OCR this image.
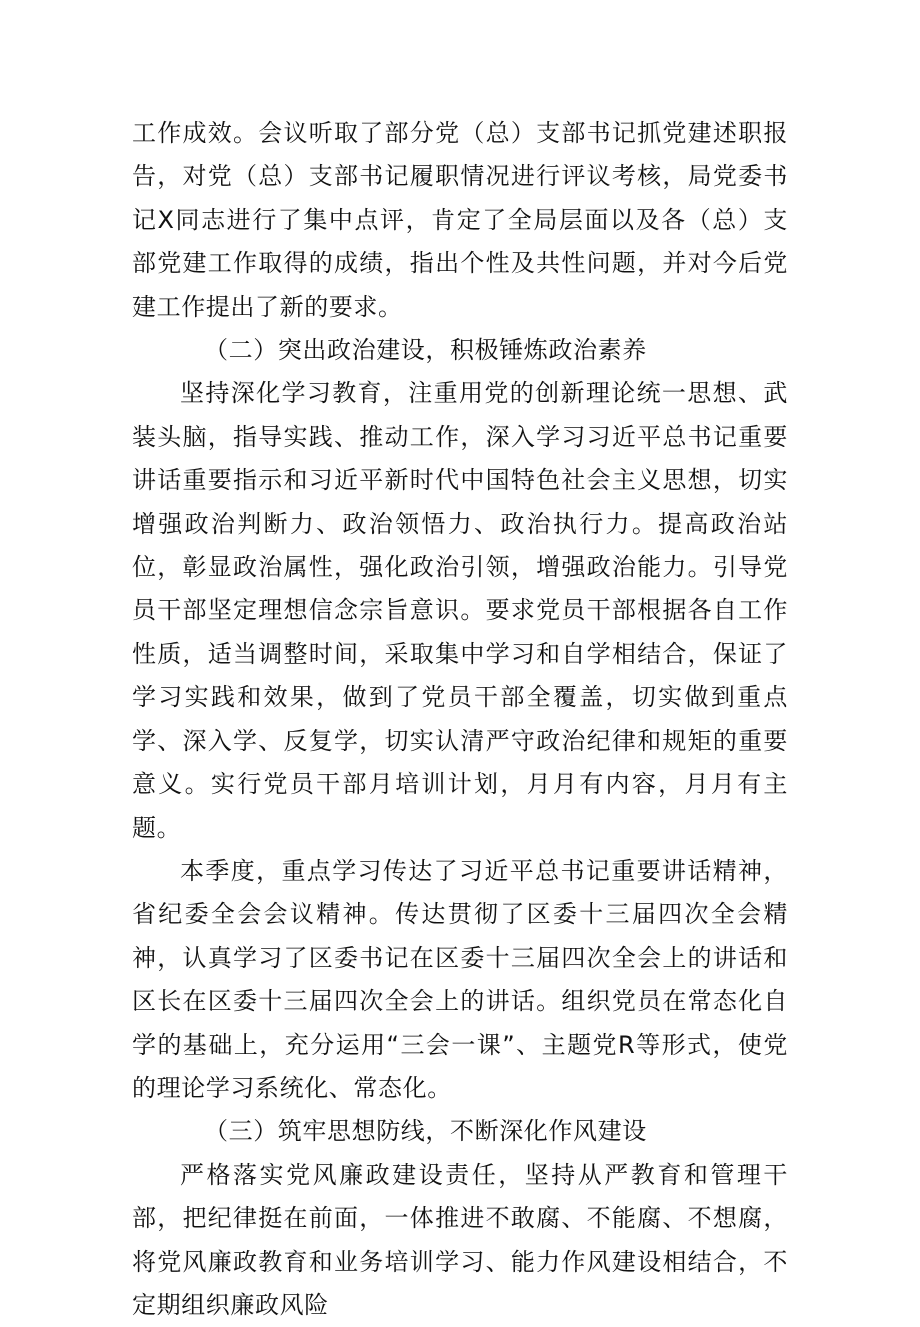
工作成效。会议听取了部分党（总）支部书记抓党建述职报告，对党（总）支部书记履职情况进行评议考核，局党委书记X同志进行了集中点评，肯定了全局层面以及各（总）支部党建工作取得的成绩，指出个性及共性问题，并对今后党建工作提出了新的要求。

（二）突出政治建设，积极锤炼政治素养

坚持深化学习教育，注重用党的创新理论统一思想、武装头脑，指导实践、推动工作，深入学习习近平总书记重要讲话重要指示和习近平新时代中国特色社会主义思想，切实增强政治判断力、政治领悟力、政治执行力。提高政治站位，彰显政治属性，强化政治引领，增强政治能力。引导党员干部坚定理想信念宗旨意识。要求党员干部根据各自工作性质，适当调整时间，采取集中学习和自学相结合，保证了学习实践和效果，做到了党员干部全覆盖，切实做到重点学、深入学、反复学，切实认清严守政治纪律和规矩的重要意义。实行党员干部月培训计划，月月有内容，月月有主题。

本季度，重点学习传达了习近平总书记重要讲话精神，省纪委全会会议精神。传达贯彻了区委十三届四次全会精神，认真学习了区委书记在区委十三届四次全会上的讲话和区长在区委十三届四次全会上的讲话。组织党员在常态化自学的基础上，充分运用“三会一课”、主题党R等形式，使党的理论学习系统化、常态化。

（三）筑牢思想防线，不断深化作风建设

严格落实党风廉政建设责任，坚持从严教育和管理干部，把纪律挺在前面，一体推进不敢腐、不能腐、不想腐，将党风廉政教育和业务培训学习、能力作风建设相结合，不定期组织廉政风险
